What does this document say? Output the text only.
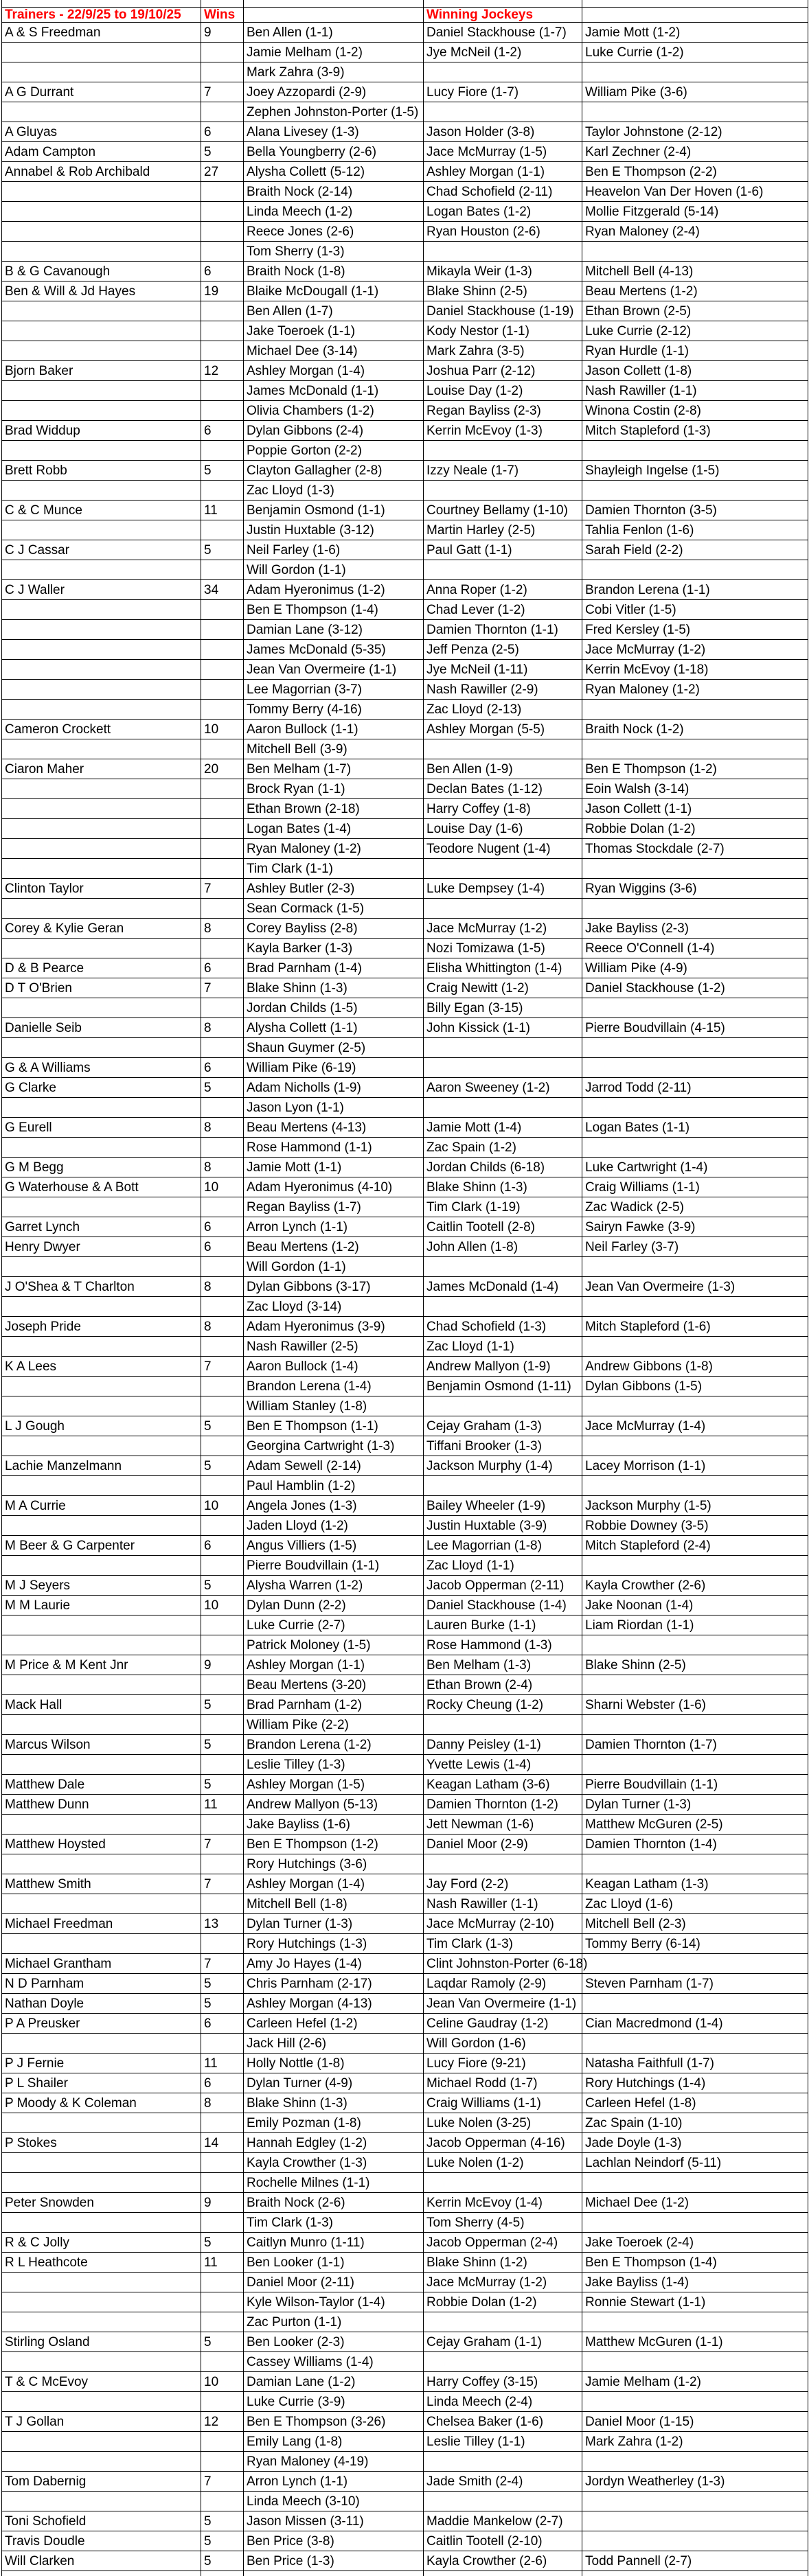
Trainers - 22/9/25 to 19/10/25	Wins		Winning Jockeys	
A & S Freedman	9	Ben Allen (1-1)	Daniel Stackhouse (1-7)	Jamie Mott (1-2)
		Jamie Melham (1-2)	Jye McNeil (1-2)	Luke Currie (1-2)
		Mark Zahra (3-9)		
A G Durrant	7	Joey Azzopardi (2-9)	Lucy Fiore (1-7)	William Pike (3-6)
		Zephen Johnston-Porter (1-5)		
A Gluyas	6	Alana Livesey (1-3)	Jason Holder (3-8)	Taylor Johnstone (2-12)
Adam Campton	5	Bella Youngberry (2-6)	Jace McMurray (1-5)	Karl Zechner (2-4)
Annabel & Rob Archibald	27	Alysha Collett (5-12)	Ashley Morgan (1-1)	Ben E Thompson (2-2)
		Braith Nock (2-14)	Chad Schofield (2-11)	Heavelon Van Der Hoven (1-6)
		Linda Meech (1-2)	Logan Bates (1-2)	Mollie Fitzgerald (5-14)
		Reece Jones (2-6)	Ryan Houston (2-6)	Ryan Maloney (2-4)
		Tom Sherry (1-3)		
B & G Cavanough	6	Braith Nock (1-8)	Mikayla Weir (1-3)	Mitchell Bell (4-13)
Ben & Will & Jd Hayes	19	Blaike McDougall (1-1)	Blake Shinn (2-5)	Beau Mertens (1-2)
		Ben Allen (1-7)	Daniel Stackhouse (1-19)	Ethan Brown (2-5)
		Jake Toeroek (1-1)	Kody Nestor (1-1)	Luke Currie (2-12)
		Michael Dee (3-14)	Mark Zahra (3-5)	Ryan Hurdle (1-1)
Bjorn Baker	12	Ashley Morgan (1-4)	Joshua Parr (2-12)	Jason Collett (1-8)
		James McDonald (1-1)	Louise Day (1-2)	Nash Rawiller (1-1)
		Olivia Chambers (1-2)	Regan Bayliss (2-3)	Winona Costin (2-8)
Brad Widdup	6	Dylan Gibbons (2-4)	Kerrin McEvoy (1-3)	Mitch Stapleford (1-3)
		Poppie Gorton (2-2)		
Brett Robb	5	Clayton Gallagher (2-8)	Izzy Neale (1-7)	Shayleigh Ingelse (1-5)
		Zac Lloyd (1-3)		
C & C Munce	11	Benjamin Osmond (1-1)	Courtney Bellamy (1-10)	Damien Thornton (3-5)
		Justin Huxtable (3-12)	Martin Harley (2-5)	Tahlia Fenlon (1-6)
C J Cassar	5	Neil Farley (1-6)	Paul Gatt (1-1)	Sarah Field (2-2)
		Will Gordon (1-1)		
C J Waller	34	Adam Hyeronimus (1-2)	Anna Roper (1-2)	Brandon Lerena (1-1)
		Ben E Thompson (1-4)	Chad Lever (1-2)	Cobi Vitler (1-5)
		Damian Lane (3-12)	Damien Thornton (1-1)	Fred Kersley (1-5)
		James McDonald (5-35)	Jeff Penza (2-5)	Jace McMurray (1-2)
		Jean Van Overmeire (1-1)	Jye McNeil (1-11)	Kerrin McEvoy (1-18)
		Lee Magorrian (3-7)	Nash Rawiller (2-9)	Ryan Maloney (1-2)
		Tommy Berry (4-16)	Zac Lloyd (2-13)	
Cameron Crockett	10	Aaron Bullock (1-1)	Ashley Morgan (5-5)	Braith Nock (1-2)
		Mitchell Bell (3-9)		
Ciaron Maher	20	Ben Melham (1-7)	Ben Allen (1-9)	Ben E Thompson (1-2)
		Brock Ryan (1-1)	Declan Bates (1-12)	Eoin Walsh (3-14)
		Ethan Brown (2-18)	Harry Coffey (1-8)	Jason Collett (1-1)
		Logan Bates (1-4)	Louise Day (1-6)	Robbie Dolan (1-2)
		Ryan Maloney (1-2)	Teodore Nugent (1-4)	Thomas Stockdale (2-7)
		Tim Clark (1-1)		
Clinton Taylor	7	Ashley Butler (2-3)	Luke Dempsey (1-4)	Ryan Wiggins (3-6)
		Sean Cormack (1-5)		
Corey & Kylie Geran	8	Corey Bayliss (2-8)	Jace McMurray (1-2)	Jake Bayliss (2-3)
		Kayla Barker (1-3)	Nozi Tomizawa (1-5)	Reece O'Connell (1-4)
D & B Pearce	6	Brad Parnham (1-4)	Elisha Whittington (1-4)	William Pike (4-9)
D T O'Brien	7	Blake Shinn (1-3)	Craig Newitt (1-2)	Daniel Stackhouse (1-2)
		Jordan Childs (1-5)	Billy Egan (3-15)	
Danielle Seib	8	Alysha Collett (1-1)	John Kissick (1-1)	Pierre Boudvillain (4-15)
		Shaun Guymer (2-5)		
G & A Williams	6	William Pike (6-19)		
G Clarke	5	Adam Nicholls (1-9)	Aaron Sweeney (1-2)	Jarrod Todd (2-11)
		Jason Lyon (1-1)		
G Eurell	8	Beau Mertens (4-13)	Jamie Mott (1-4)	Logan Bates (1-1)
		Rose Hammond (1-1)	Zac Spain (1-2)	
G M Begg	8	Jamie Mott (1-1)	Jordan Childs (6-18)	Luke Cartwright (1-4)
G Waterhouse & A Bott	10	Adam Hyeronimus (4-10)	Blake Shinn (1-3)	Craig Williams (1-1)
		Regan Bayliss (1-7)	Tim Clark (1-19)	Zac Wadick (2-5)
Garret Lynch	6	Arron Lynch (1-1)	Caitlin Tootell (2-8)	Sairyn Fawke (3-9)
Henry Dwyer	6	Beau Mertens (1-2)	John Allen (1-8)	Neil Farley (3-7)
		Will Gordon (1-1)		
J O'Shea & T Charlton	8	Dylan Gibbons (3-17)	James McDonald (1-4)	Jean Van Overmeire (1-3)
		Zac Lloyd (3-14)		
Joseph Pride	8	Adam Hyeronimus (3-9)	Chad Schofield (1-3)	Mitch Stapleford (1-6)
		Nash Rawiller (2-5)	Zac Lloyd (1-1)	
K A Lees	7	Aaron Bullock (1-4)	Andrew Mallyon (1-9)	Andrew Gibbons (1-8)
		Brandon Lerena (1-4)	Benjamin Osmond (1-11)	Dylan Gibbons (1-5)
		William Stanley (1-8)		
L J Gough	5	Ben E Thompson (1-1)	Cejay Graham (1-3)	Jace McMurray (1-4)
		Georgina Cartwright (1-3)	Tiffani Brooker (1-3)	
Lachie Manzelmann	5	Adam Sewell (2-14)	Jackson Murphy (1-4)	Lacey Morrison (1-1)
		Paul Hamblin (1-2)		
M A Currie	10	Angela Jones (1-3)	Bailey Wheeler (1-9)	Jackson Murphy (1-5)
		Jaden Lloyd (1-2)	Justin Huxtable (3-9)	Robbie Downey (3-5)
M Beer & G Carpenter	6	Angus Villiers (1-5)	Lee Magorrian (1-8)	Mitch Stapleford (2-4)
		Pierre Boudvillain (1-1)	Zac Lloyd (1-1)	
M J Seyers	5	Alysha Warren (1-2)	Jacob Opperman (2-11)	Kayla Crowther (2-6)
M M Laurie	10	Dylan Dunn (2-2)	Daniel Stackhouse (1-4)	Jake Noonan (1-4)
		Luke Currie (2-7)	Lauren Burke (1-1)	Liam Riordan (1-1)
		Patrick Moloney (1-5)	Rose Hammond (1-3)	
M Price & M Kent Jnr	9	Ashley Morgan (1-1)	Ben Melham (1-3)	Blake Shinn (2-5)
		Beau Mertens (3-20)	Ethan Brown (2-4)	
Mack Hall	5	Brad Parnham (1-2)	Rocky Cheung (1-2)	Sharni Webster (1-6)
		William Pike (2-2)		
Marcus Wilson	5	Brandon Lerena (1-2)	Danny Peisley (1-1)	Damien Thornton (1-7)
		Leslie Tilley (1-3)	Yvette Lewis (1-4)	
Matthew Dale	5	Ashley Morgan (1-5)	Keagan Latham (3-6)	Pierre Boudvillain (1-1)
Matthew Dunn	11	Andrew Mallyon (5-13)	Damien Thornton (1-2)	Dylan Turner (1-3)
		Jake Bayliss (1-6)	Jett Newman (1-6)	Matthew McGuren (2-5)
Matthew Hoysted	7	Ben E Thompson (1-2)	Daniel Moor (2-9)	Damien Thornton (1-4)
		Rory Hutchings (3-6)		
Matthew Smith	7	Ashley Morgan (1-4)	Jay Ford (2-2)	Keagan Latham (1-3)
		Mitchell Bell (1-8)	Nash Rawiller (1-1)	Zac Lloyd (1-6)
Michael Freedman	13	Dylan Turner (1-3)	Jace McMurray (2-10)	Mitchell Bell (2-3)
		Rory Hutchings (1-3)	Tim Clark (1-3)	Tommy Berry (6-14)
Michael Grantham	7	Amy Jo Hayes (1-4)	Clint Johnston-Porter (6-18)	
N D Parnham	5	Chris Parnham (2-17)	Laqdar Ramoly (2-9)	Steven Parnham (1-7)
Nathan Doyle	5	Ashley Morgan (4-13)	Jean Van Overmeire (1-1)	
P A Preusker	6	Carleen Hefel (1-2)	Celine Gaudray (1-2)	Cian Macredmond (1-4)
		Jack Hill (2-6)	Will Gordon (1-6)	
P J Fernie	11	Holly Nottle (1-8)	Lucy Fiore (9-21)	Natasha Faithfull (1-7)
P L Shailer	6	Dylan Turner (4-9)	Michael Rodd (1-7)	Rory Hutchings (1-4)
P Moody & K Coleman	8	Blake Shinn (1-3)	Craig Williams (1-1)	Carleen Hefel (1-8)
		Emily Pozman (1-8)	Luke Nolen (3-25)	Zac Spain (1-10)
P Stokes	14	Hannah Edgley (1-2)	Jacob Opperman (4-16)	Jade Doyle (1-3)
		Kayla Crowther (1-3)	Luke Nolen (1-2)	Lachlan Neindorf (5-11)
		Rochelle Milnes (1-1)		
Peter Snowden	9	Braith Nock (2-6)	Kerrin McEvoy (1-4)	Michael Dee (1-2)
		Tim Clark (1-3)	Tom Sherry (4-5)	
R & C Jolly	5	Caitlyn Munro (1-11)	Jacob Opperman (2-4)	Jake Toeroek (2-4)
R L Heathcote	11	Ben Looker (1-1)	Blake Shinn (1-2)	Ben E Thompson (1-4)
		Daniel Moor (2-11)	Jace McMurray (1-2)	Jake Bayliss (1-4)
		Kyle Wilson-Taylor (1-4)	Robbie Dolan (1-2)	Ronnie Stewart (1-1)
		Zac Purton (1-1)		
Stirling Osland	5	Ben Looker (2-3)	Cejay Graham (1-1)	Matthew McGuren (1-1)
		Cassey Williams (1-4)		
T & C McEvoy	10	Damian Lane (1-2)	Harry Coffey (3-15)	Jamie Melham (1-2)
		Luke Currie (3-9)	Linda Meech (2-4)	
T J Gollan	12	Ben E Thompson (3-26)	Chelsea Baker (1-6)	Daniel Moor (1-15)
		Emily Lang (1-8)	Leslie Tilley (1-1)	Mark Zahra (1-2)
		Ryan Maloney (4-19)		
Tom Dabernig	7	Arron Lynch (1-1)	Jade Smith (2-4)	Jordyn Weatherley (1-3)
		Linda Meech (3-10)		
Toni Schofield	5	Jason Missen (3-11)	Maddie Mankelow (2-7)	
Travis Doudle	5	Ben Price (3-8)	Caitlin Tootell (2-10)	
Will Clarken	5	Ben Price (1-3)	Kayla Crowther (2-6)	Todd Pannell (2-7)
